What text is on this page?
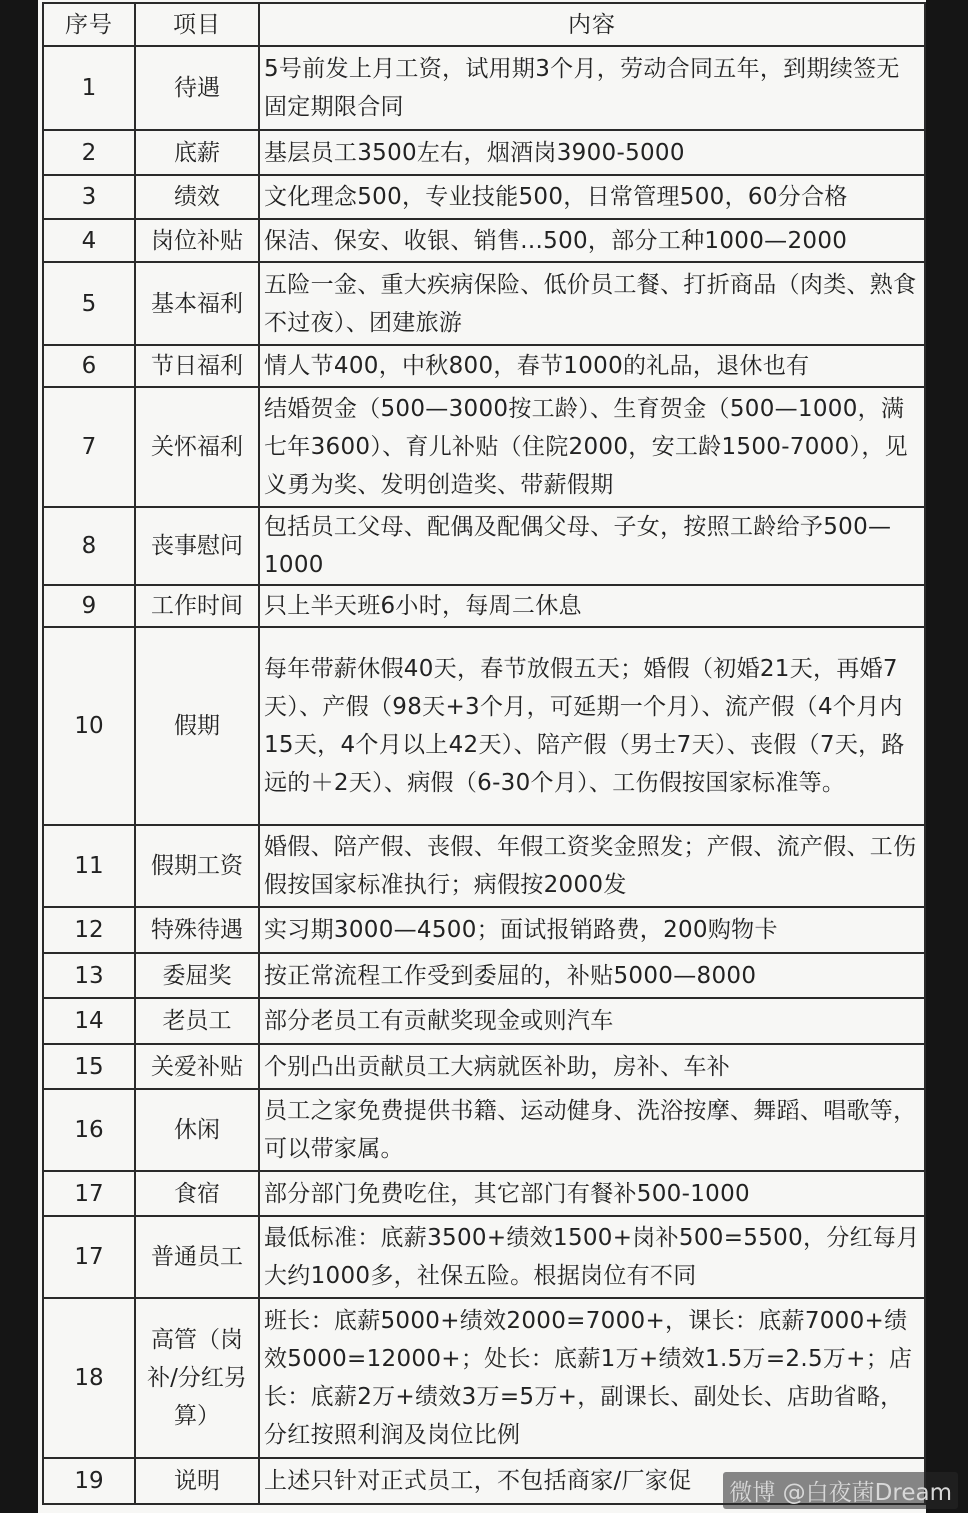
序号	项目	内容
1	待遇	5号前发上月工资，试用期3个月，劳动合同五年，到期续签无固定期限合同
2	底薪	基层员工3500左右，烟酒岗3900-5000
3	绩效	文化理念500，专业技能500，日常管理500，60分合格
4	岗位补贴	保洁、保安、收银、销售...500，部分工种1000—2000
5	基本福利	五险一金、重大疾病保险、低价员工餐、打折商品（肉类、熟食不过夜）、团建旅游
6	节日福利	情人节400，中秋800，春节1000的礼品，退休也有
7	关怀福利	结婚贺金（500—3000按工龄）、生育贺金（500—1000，满七年3600）、育儿补贴（住院2000，安工龄1500-7000），见义勇为奖、发明创造奖、带薪假期
8	丧事慰问	包括员工父母、配偶及配偶父母、子女，按照工龄给予500—1000
9	工作时间	只上半天班6小时，每周二休息
10	假期	每年带薪休假40天，春节放假五天；婚假（初婚21天，再婚7天）、产假（98天+3个月，可延期一个月）、流产假（4个月内15天，4个月以上42天）、陪产假（男士7天）、丧假（7天，路远的＋2天）、病假（6-30个月）、工伤假按国家标准等。
11	假期工资	婚假、陪产假、丧假、年假工资奖金照发；产假、流产假、工伤假按国家标准执行；病假按2000发
12	特殊待遇	实习期3000—4500；面试报销路费，200购物卡
13	委屈奖	按正常流程工作受到委屈的，补贴5000—8000
14	老员工	部分老员工有贡献奖现金或则汽车
15	关爱补贴	个别凸出贡献员工大病就医补助，房补、车补
16	休闲	员工之家免费提供书籍、运动健身、洗浴按摩、舞蹈、唱歌等，可以带家属。
17	食宿	部分部门免费吃住，其它部门有餐补500-1000
17	普通员工	最低标准：底薪3500+绩效1500+岗补500=5500，分红每月大约1000多，社保五险。根据岗位有不同
18	高管（岗补/分红另算）	班长：底薪5000+绩效2000=7000+，课长：底薪7000+绩效5000=12000+；处长：底薪1万+绩效1.5万=2.5万+；店长：底薪2万+绩效3万=5万+，副课长、副处长、店助省略，分红按照利润及岗位比例
19	说明	上述只针对正式员工，不包括商家/厂家促 微博 @白夜菌Dream
